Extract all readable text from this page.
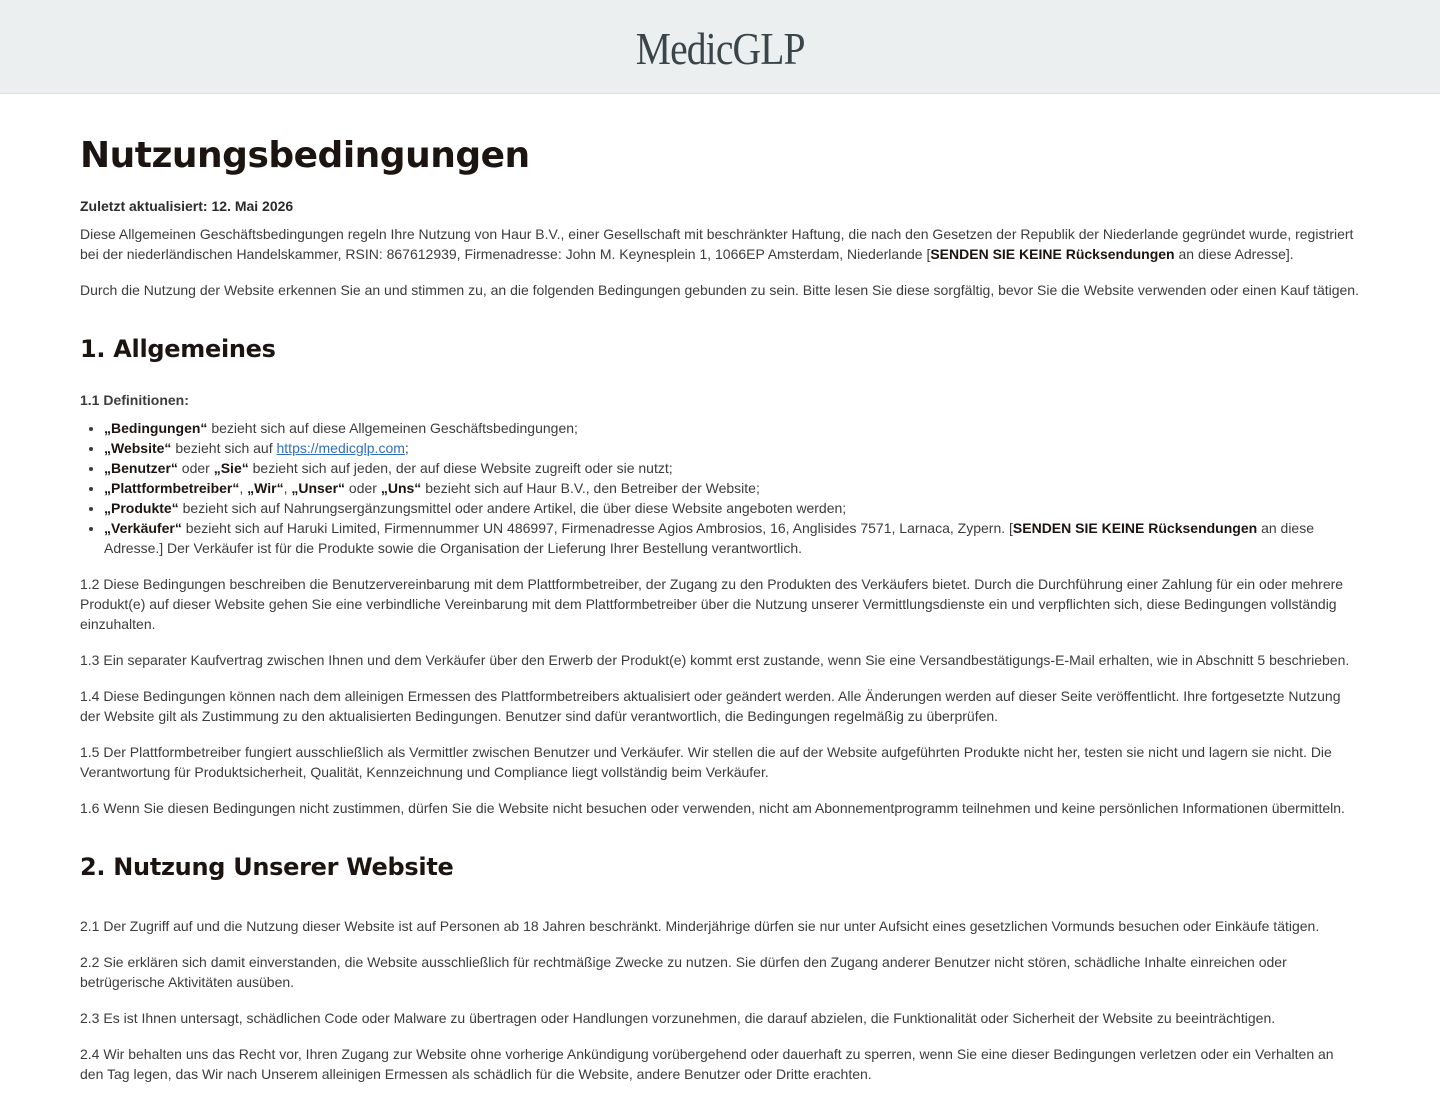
MedicGLP
Nutzungsbedingungen
Zuletzt aktualisiert: 12. Mai 2026

Diese Allgemeinen Geschäftsbedingungen regeln Ihre Nutzung von Haur B.V., einer Gesellschaft mit beschränkter Haftung, die nach den Gesetzen der Republik der Niederlande gegründet wurde, registriert bei der niederländischen Handelskammer, RSIN: 867612939, Firmenadresse: John M. Keynesplein 1, 1066EP Amsterdam, Niederlande [SENDEN SIE KEINE Rücksendungen an diese Adresse].

Durch die Nutzung der Website erkennen Sie an und stimmen zu, an die folgenden Bedingungen gebunden zu sein. Bitte lesen Sie diese sorgfältig, bevor Sie die Website verwenden oder einen Kauf tätigen.

1. Allgemeines
1.1 Definitionen:
• „Bedingungen“ bezieht sich auf diese Allgemeinen Geschäftsbedingungen;
• „Website“ bezieht sich auf https://medicglp.com;
• „Benutzer“ oder „Sie“ bezieht sich auf jeden, der auf diese Website zugreift oder sie nutzt;
• „Plattformbetreiber“, „Wir“, „Unser“ oder „Uns“ bezieht sich auf Haur B.V., den Betreiber der Website;
• „Produkte“ bezieht sich auf Nahrungsergänzungsmittel oder andere Artikel, die über diese Website angeboten werden;
• „Verkäufer“ bezieht sich auf Haruki Limited, Firmennummer UN 486997, Firmenadresse Agios Ambrosios, 16, Anglisides 7571, Larnaca, Zypern. [SENDEN SIE KEINE Rücksendungen an diese Adresse.] Der Verkäufer ist für die Produkte sowie die Organisation der Lieferung Ihrer Bestellung verantwortlich.

1.2 Diese Bedingungen beschreiben die Benutzervereinbarung mit dem Plattformbetreiber, der Zugang zu den Produkten des Verkäufers bietet. Durch die Durchführung einer Zahlung für ein oder mehrere Produkt(e) auf dieser Website gehen Sie eine verbindliche Vereinbarung mit dem Plattformbetreiber über die Nutzung unserer Vermittlungsdienste ein und verpflichten sich, diese Bedingungen vollständig einzuhalten.

1.3 Ein separater Kaufvertrag zwischen Ihnen und dem Verkäufer über den Erwerb der Produkt(e) kommt erst zustande, wenn Sie eine Versandbestätigungs-E-Mail erhalten, wie in Abschnitt 5 beschrieben.

1.4 Diese Bedingungen können nach dem alleinigen Ermessen des Plattformbetreibers aktualisiert oder geändert werden. Alle Änderungen werden auf dieser Seite veröffentlicht. Ihre fortgesetzte Nutzung der Website gilt als Zustimmung zu den aktualisierten Bedingungen. Benutzer sind dafür verantwortlich, die Bedingungen regelmäßig zu überprüfen.

1.5 Der Plattformbetreiber fungiert ausschließlich als Vermittler zwischen Benutzer und Verkäufer. Wir stellen die auf der Website aufgeführten Produkte nicht her, testen sie nicht und lagern sie nicht. Die Verantwortung für Produktsicherheit, Qualität, Kennzeichnung und Compliance liegt vollständig beim Verkäufer.

1.6 Wenn Sie diesen Bedingungen nicht zustimmen, dürfen Sie die Website nicht besuchen oder verwenden, nicht am Abonnementprogramm teilnehmen und keine persönlichen Informationen übermitteln.

2. Nutzung Unserer Website

2.1 Der Zugriff auf und die Nutzung dieser Website ist auf Personen ab 18 Jahren beschränkt. Minderjährige dürfen sie nur unter Aufsicht eines gesetzlichen Vormunds besuchen oder Einkäufe tätigen.

2.2 Sie erklären sich damit einverstanden, die Website ausschließlich für rechtmäßige Zwecke zu nutzen. Sie dürfen den Zugang anderer Benutzer nicht stören, schädliche Inhalte einreichen oder betrügerische Aktivitäten ausüben.

2.3 Es ist Ihnen untersagt, schädlichen Code oder Malware zu übertragen oder Handlungen vorzunehmen, die darauf abzielen, die Funktionalität oder Sicherheit der Website zu beeinträchtigen.

2.4 Wir behalten uns das Recht vor, Ihren Zugang zur Website ohne vorherige Ankündigung vorübergehend oder dauerhaft zu sperren, wenn Sie eine dieser Bedingungen verletzen oder ein Verhalten an den Tag legen, das Wir nach Unserem alleinigen Ermessen als schädlich für die Website, andere Benutzer oder Dritte erachten.
